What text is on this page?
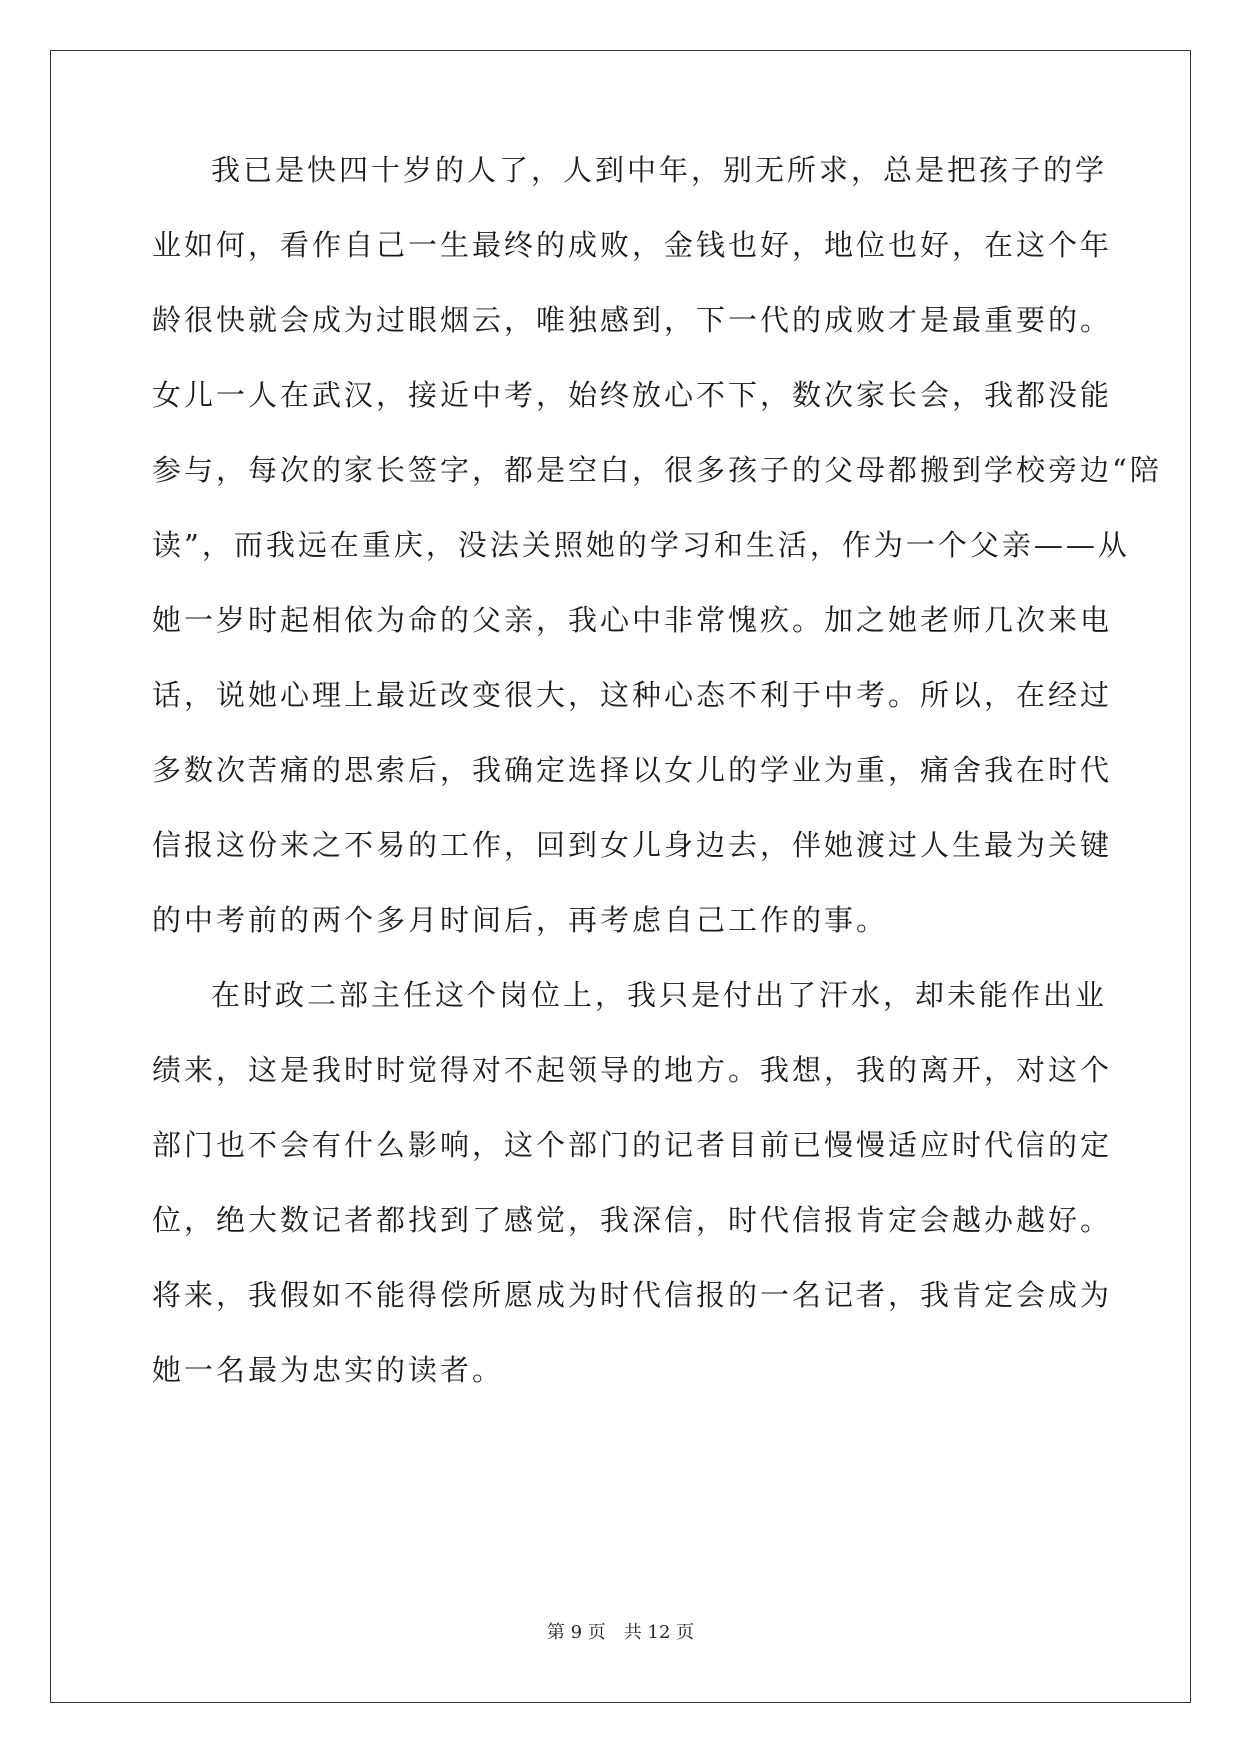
我已是快四十岁的人了，人到中年，别无所求，总是把孩子的学
业如何，看作自己一生最终的成败，金钱也好，地位也好，在这个年
龄很快就会成为过眼烟云，唯独感到，下一代的成败才是最重要的。
女儿一人在武汉，接近中考，始终放心不下，数次家长会，我都没能
参与，每次的家长签字，都是空白，很多孩子的父母都搬到学校旁边“陪
读”，而我远在重庆，没法关照她的学习和生活，作为一个父亲——从
她一岁时起相依为命的父亲，我心中非常愧疚。加之她老师几次来电
话，说她心理上最近改变很大，这种心态不利于中考。所以，在经过
多数次苦痛的思索后，我确定选择以女儿的学业为重，痛舍我在时代
信报这份来之不易的工作，回到女儿身边去，伴她渡过人生最为关键
的中考前的两个多月时间后，再考虑自己工作的事。
在时政二部主任这个岗位上，我只是付出了汗水，却未能作出业
绩来，这是我时时觉得对不起领导的地方。我想，我的离开，对这个
部门也不会有什么影响，这个部门的记者目前已慢慢适应时代信的定
位，绝大数记者都找到了感觉，我深信，时代信报肯定会越办越好。
将来，我假如不能得偿所愿成为时代信报的一名记者，我肯定会成为
她一名最为忠实的读者。
第 9 页 共 12 页
